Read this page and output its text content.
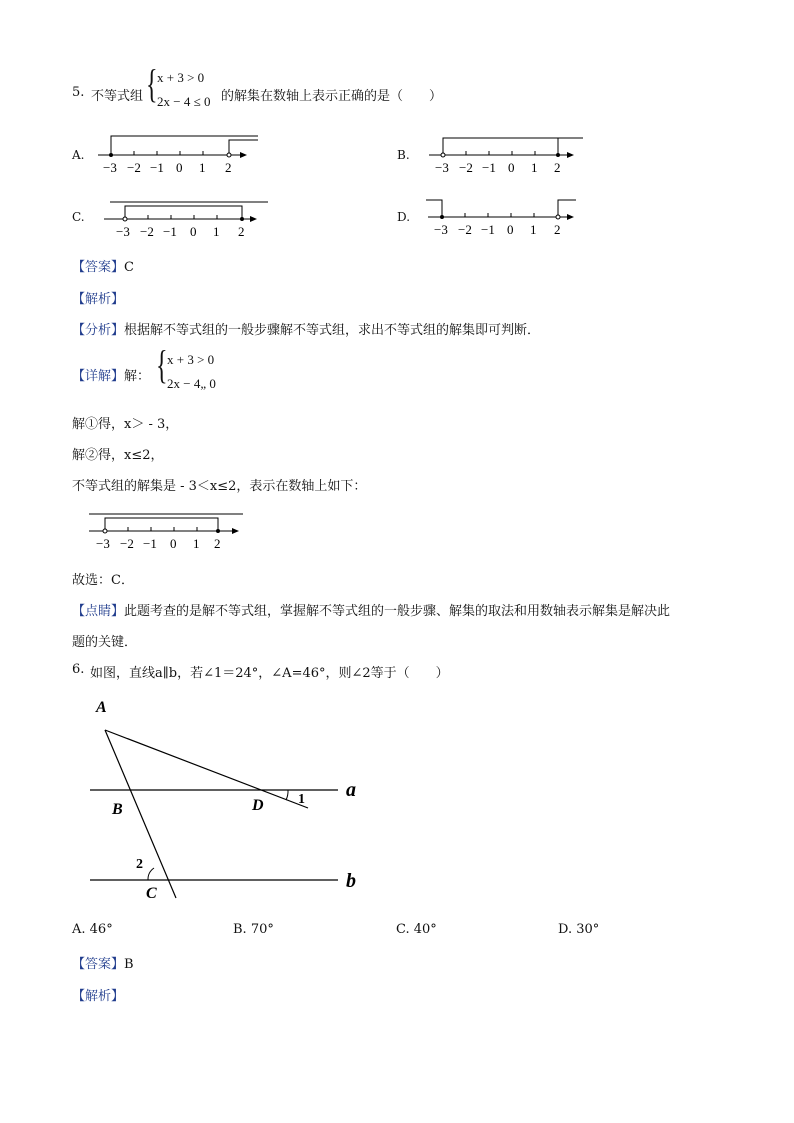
5. 不等式组 { x + 3 > 0
2x − 4 ≤ 0 的解集在数轴上表示正确的是（　　）
A.
−3 −2 −1 0 1 2
B.
−3 −2 −1 0 1 2
C.
−3 −2 −1 0 1 2
D.
−3 −2 −1 0 1 2
【答案】C
【解析】
【分析】根据解不等式组的一般步骤解不等式组，求出不等式组的解集即可判断．
【详解】解： { x + 3 > 0
2x − 4„ 0
解①得，x＞ - 3，
解②得，x≤2，
不等式组的解集是 - 3＜x≤2，表示在数轴上如下：
−3 −2 −1 0 1 2
故选：C．
【点睛】此题考查的是解不等式组，掌握解不等式组的一般步骤、解集的取法和用数轴表示解集是解决此
题的关键．
6. 如图，直线a∥b，若∠1＝24°，∠A=46°，则∠2等于（　　）
A
B
C
D 1
2
a
b
A. 46°	B. 70°	C. 40°	D. 30°
【答案】B
【解析】
